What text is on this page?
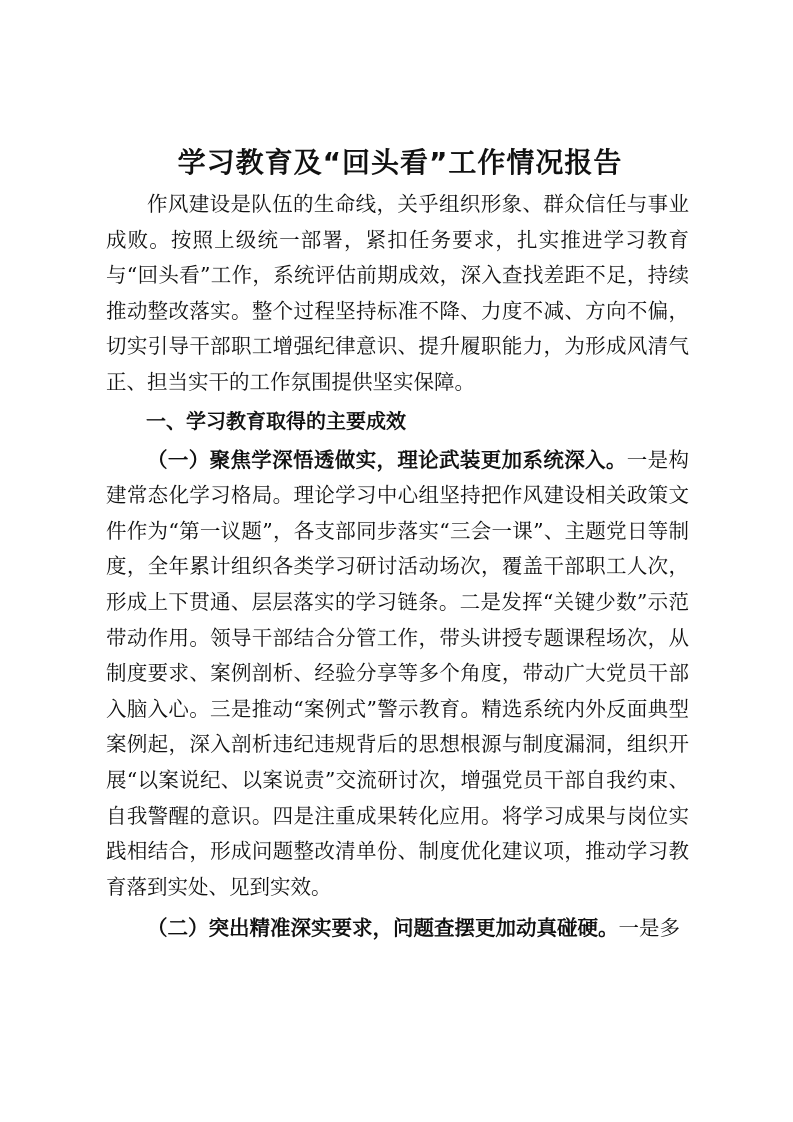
学习教育及“回头看”工作情况报告

作风建设是队伍的生命线，关乎组织形象、群众信任与事业成败。按照上级统一部署，紧扣任务要求，扎实推进学习教育与“回头看”工作，系统评估前期成效，深入查找差距不足，持续推动整改落实。整个过程坚持标准不降、力度不减、方向不偏，切实引导干部职工增强纪律意识、提升履职能力，为形成风清气正、担当实干的工作氛围提供坚实保障。

一、学习教育取得的主要成效

（一）聚焦学深悟透做实，理论武装更加系统深入。一是构建常态化学习格局。理论学习中心组坚持把作风建设相关政策文件作为“第一议题”，各支部同步落实“三会一课”、主题党日等制度，全年累计组织各类学习研讨活动场次，覆盖干部职工人次，形成上下贯通、层层落实的学习链条。二是发挥“关键少数”示范带动作用。领导干部结合分管工作，带头讲授专题课程场次，从制度要求、案例剖析、经验分享等多个角度，带动广大党员干部入脑入心。三是推动“案例式”警示教育。精选系统内外反面典型案例起，深入剖析违纪违规背后的思想根源与制度漏洞，组织开展“以案说纪、以案说责”交流研讨次，增强党员干部自我约束、自我警醒的意识。四是注重成果转化应用。将学习成果与岗位实践相结合，形成问题整改清单份、制度优化建议项，推动学习教育落到实处、见到实效。

（二）突出精准深实要求，问题查摆更加动真碰硬。一是多
